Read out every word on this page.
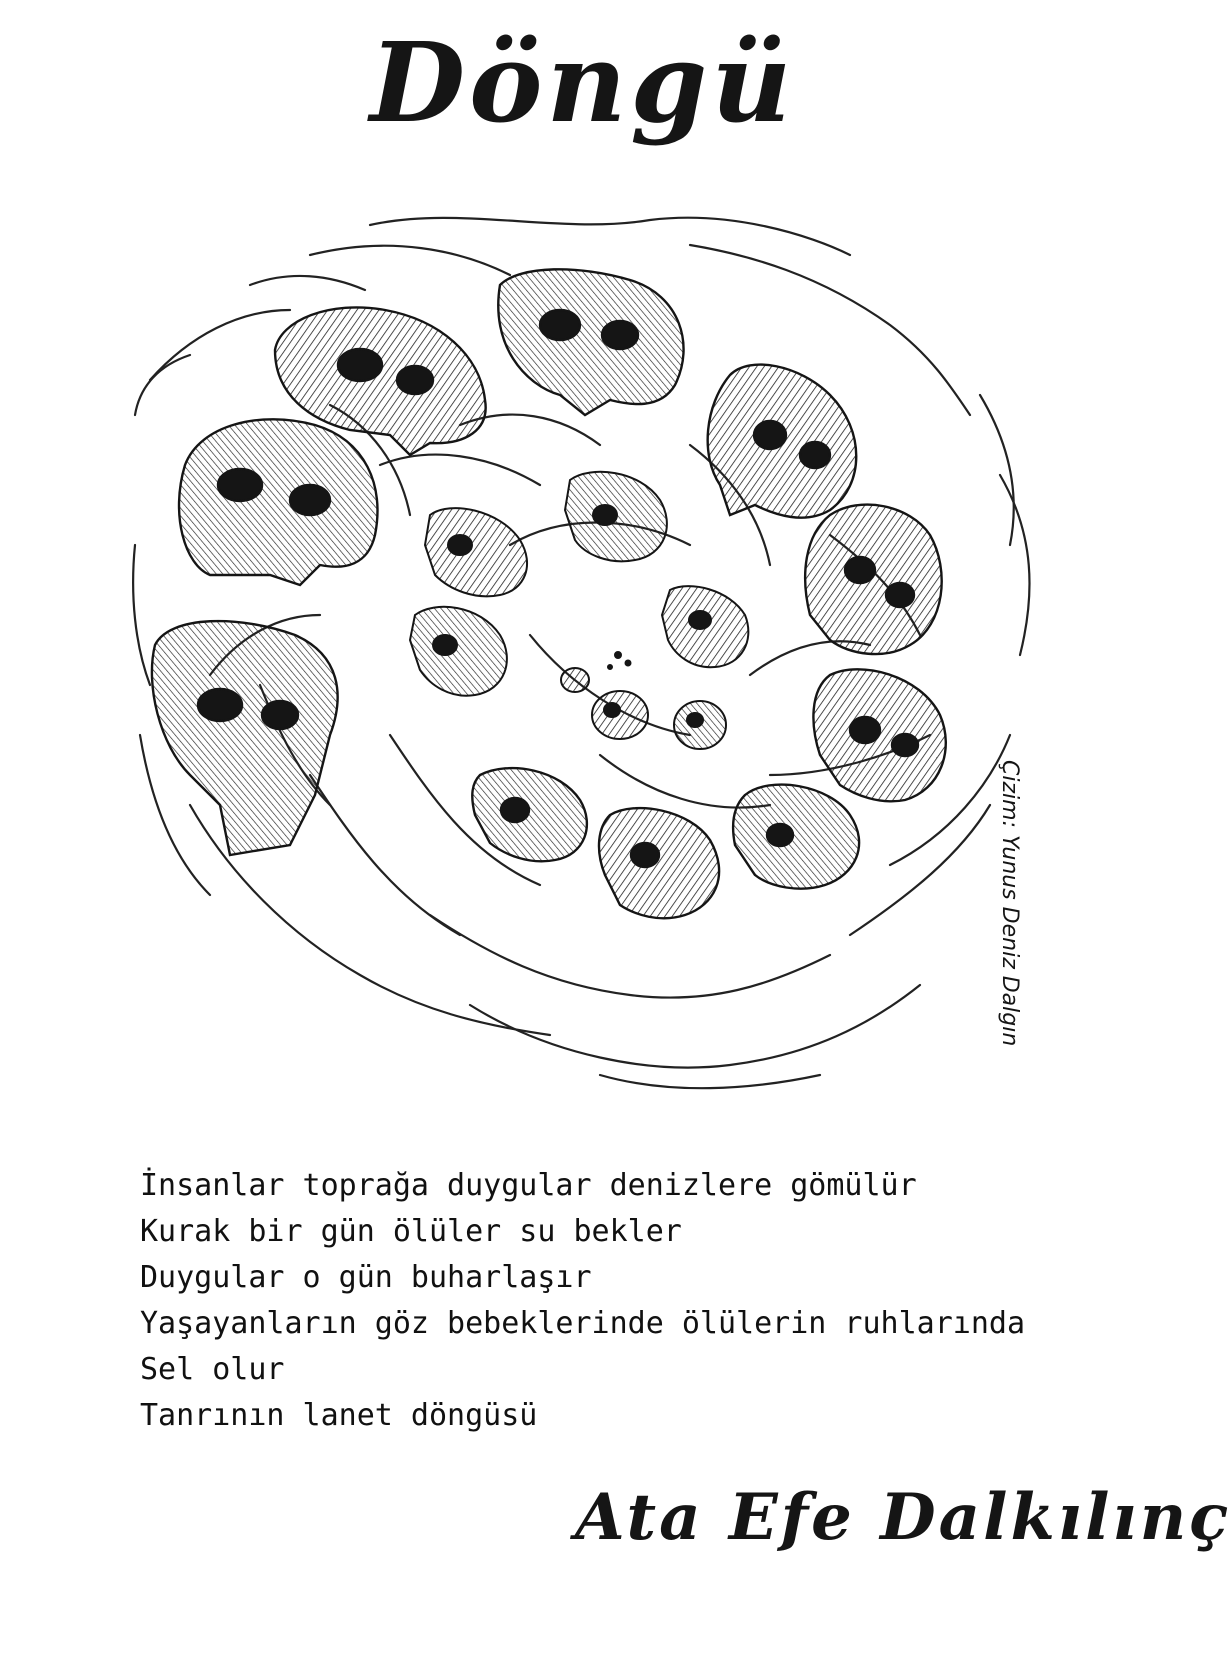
Döngü
Çizim: Yunus Deniz Dalgın
İnsanlar toprağa duygular denizlere gömülür
Kurak bir gün ölüler su bekler
Duygular o gün buharlaşır
Yaşayanların göz bebeklerinde ölülerin ruhlarında
Sel olur
Tanrının lanet döngüsü
Ata Efe Dalkılınç
